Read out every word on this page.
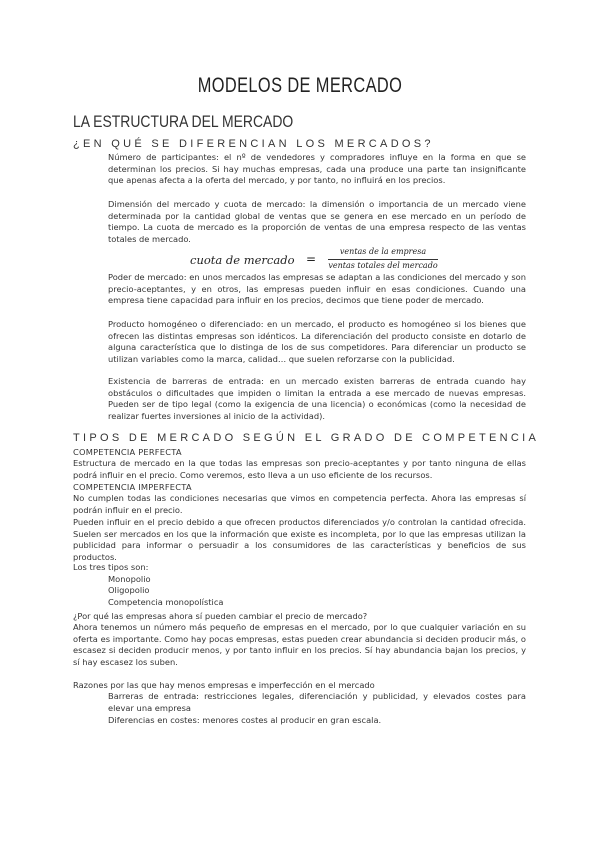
MODELOS DE MERCADO
LA ESTRUCTURA DEL MERCADO
¿EN QUÉ SE DIFERENCIAN LOS MERCADOS?
Número de participantes: el nº de vendedores y compradores influye en la forma en que se determinan los precios. Si hay muchas empresas, cada una produce una parte tan insignificante que apenas afecta a la oferta del mercado, y por tanto, no influirá en los precios.
Dimensión del mercado y cuota de mercado: la dimensión o importancia de un mercado viene determinada por la cantidad global de ventas que se genera en ese mercado en un período de tiempo. La cuota de mercado es la proporción de ventas de una empresa respecto de las ventas totales de mercado.
cuota de mercado =
ventas de la empresa
ventas totales del mercado
Poder de mercado: en unos mercados las empresas se adaptan a las condiciones del mercado y son precio-aceptantes, y en otros, las empresas pueden influir en esas condiciones. Cuando una empresa tiene capacidad para influir en los precios, decimos que tiene poder de mercado.
Producto homogéneo o diferenciado: en un mercado, el producto es homogéneo si los bienes que ofrecen las distintas empresas son idénticos. La diferenciación del producto consiste en dotarlo de alguna característica que lo distinga de los de sus competidores. Para diferenciar un producto se utilizan variables como la marca, calidad… que suelen reforzarse con la publicidad.
Existencia de barreras de entrada: en un mercado existen barreras de entrada cuando hay obstáculos o dificultades que impiden o limitan la entrada a ese mercado de nuevas empresas. Pueden ser de tipo legal (como la exigencia de una licencia) o económicas (como la necesidad de realizar fuertes inversiones al inicio de la actividad).
TIPOS DE MERCADO SEGÚN EL GRADO DE COMPETENCIA
COMPETENCIA PERFECTA
Estructura de mercado en la que todas las empresas son precio-aceptantes y por tanto ninguna de ellas podrá influir en el precio. Como veremos, esto lleva a un uso eficiente de los recursos.
COMPETENCIA IMPERFECTA
No cumplen todas las condiciones necesarias que vimos en competencia perfecta. Ahora las empresas sí podrán influir en el precio.
Pueden influir en el precio debido a que ofrecen productos diferenciados y/o controlan la cantidad ofrecida. Suelen ser mercados en los que la información que existe es incompleta, por lo que las empresas utilizan la publicidad para informar o persuadir a los consumidores de las características y beneficios de sus productos.
Los tres tipos son:
Monopolio
Oligopolio
Competencia monopolística
¿Por qué las empresas ahora sí pueden cambiar el precio de mercado?
Ahora tenemos un número más pequeño de empresas en el mercado, por lo que cualquier variación en su oferta es importante. Como hay pocas empresas, estas pueden crear abundancia si deciden producir más, o escasez si deciden producir menos, y por tanto influir en los precios. Sí hay abundancia bajan los precios, y sí hay escasez los suben.
Razones por las que hay menos empresas e imperfección en el mercado
Barreras de entrada: restricciones legales, diferenciación y publicidad, y elevados costes para elevar una empresa
Diferencias en costes: menores costes al producir en gran escala.
